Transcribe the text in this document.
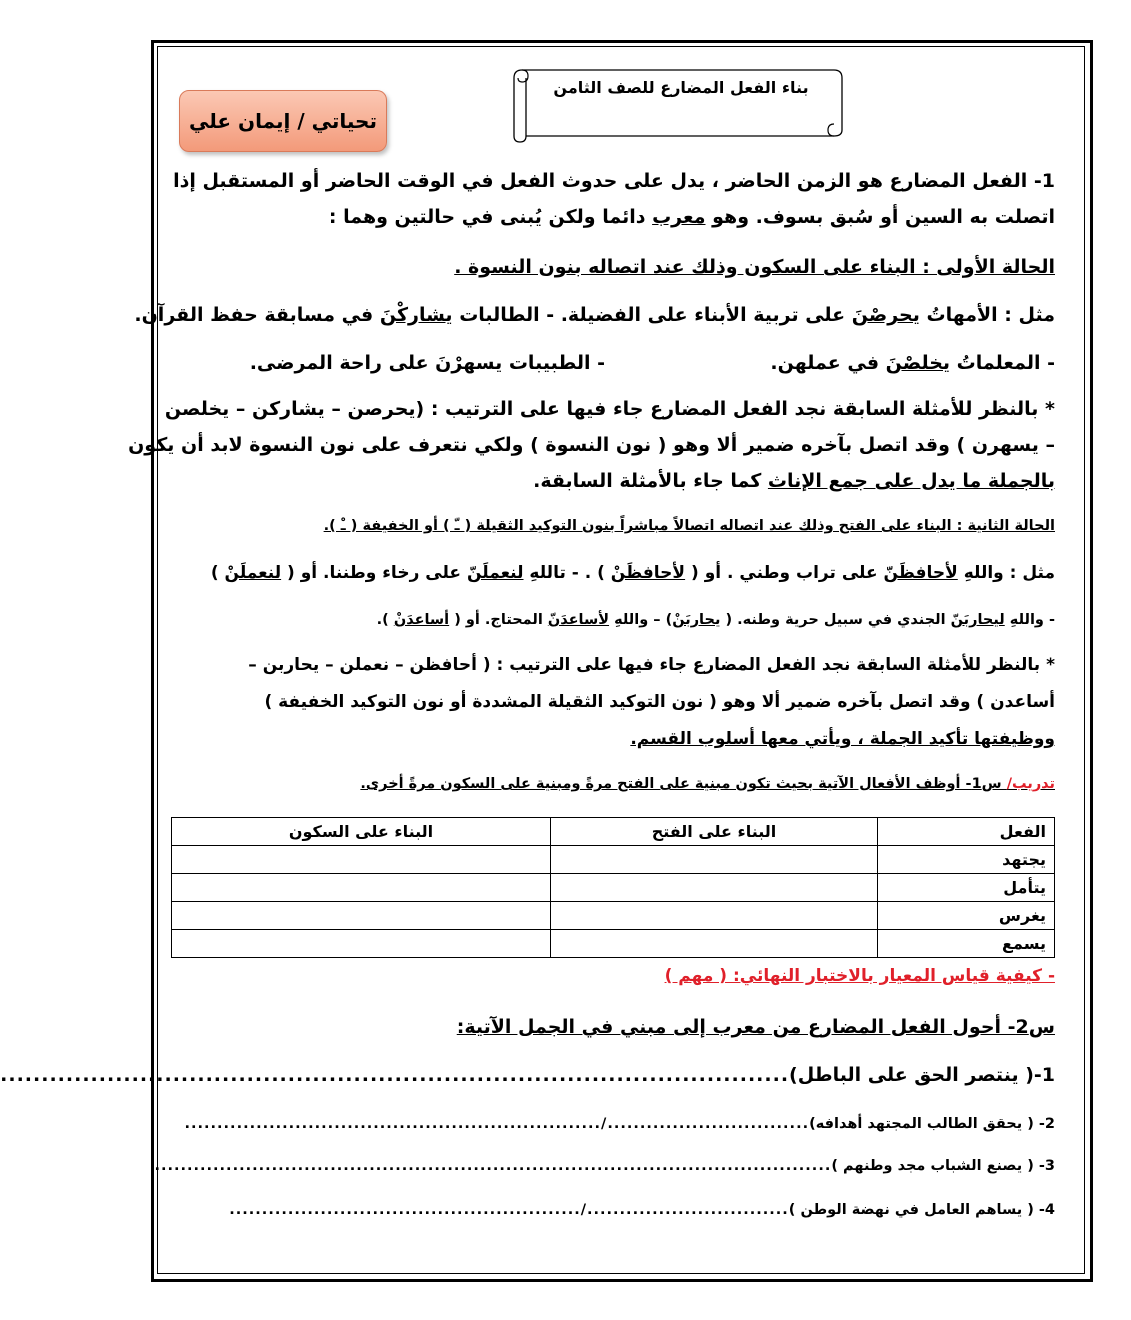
بناء الفعل المضارع للصف الثامن
تحياتي / إيمان علي
1- الفعل المضارع هو الزمن الحاضر ، يدل على حدوث الفعل في الوقت الحاضر أو المستقبل إذا
اتصلت به السين أو سُبق بسوف. وهو معرب دائما ولكن يُبنى في حالتين وهما :
الحالة الأولى : البناء على السكون وذلك عند اتصاله بنون النسوة .
مثل : الأمهاتُ يحرصْنَ على تربية الأبناء على الفضيلة. - الطالبات يشاركْنَ في مسابقة حفظ القرآن.
- المعلماتُ يخلصْنَ في عملهن.
- الطبيبات يسهرْنَ على راحة المرضى.
* بالنظر للأمثلة السابقة نجد الفعل المضارع جاء فيها على الترتيب : (يحرصن – يشاركن – يخلصن
– يسهرن ) وقد اتصل بآخره ضمير ألا وهو ( نون النسوة ) ولكي نتعرف على نون النسوة لابد أن يكون
بالجملة ما يدل على جمع الإناث كما جاء بالأمثلة السابقة.
الحالة الثانية : البناء على الفتح وذلك عند اتصاله اتصالاً مباشراً بنون التوكيد الثقيلة ( ـّ ) أو الخفيفة ( ـْ ).
مثل : واللهِ لأحافظَنّ على تراب وطني . أو ( لأحافظَنْ ) . - تاللهِ لنعملَنّ على رخاء وطننا. أو ( لنعملَنْ )
- واللهِ ليحاربَنّ الجندي في سبيل حرية وطنه. ( يحاربَنْ) – واللهِ لأساعدَنّ المحتاج. أو ( أساعدَنْ ).
* بالنظر للأمثلة السابقة نجد الفعل المضارع جاء فيها على الترتيب : ( أحافظن – نعملن – يحاربن –
أساعدن ) وقد اتصل بآخره ضمير ألا وهو ( نون التوكيد الثقيلة المشددة أو نون التوكيد الخفيفة )
ووظيفتها تأكيد الجملة ، ويأتي معها أسلوب القسم.
تدريب/ س1- أوظف الأفعال الآتية بحيث تكون مبنية على الفتح مرةً ومبنية على السكون مرةً أخرى.
الفعل	البناء على الفتح	البناء على السكون
يجتهد		
يتأمل		
يغرس		
يسمع		
- كيفية قياس المعيار بالاختبار النهائي: ( مهم )
س2- أحول الفعل المضارع من معرب إلى مبني في الجمل الآتية:
1-( ينتصر الحق على الباطل)
................................................................................................
2- ( يحقق الطالب المجتهد أهدافه)
.............................../................................................................
3- ( يصنع الشباب مجد وطنهم )
........................................................................................................
4- ( يساهم العامل في نهضة الوطن )
.............................../......................................................
